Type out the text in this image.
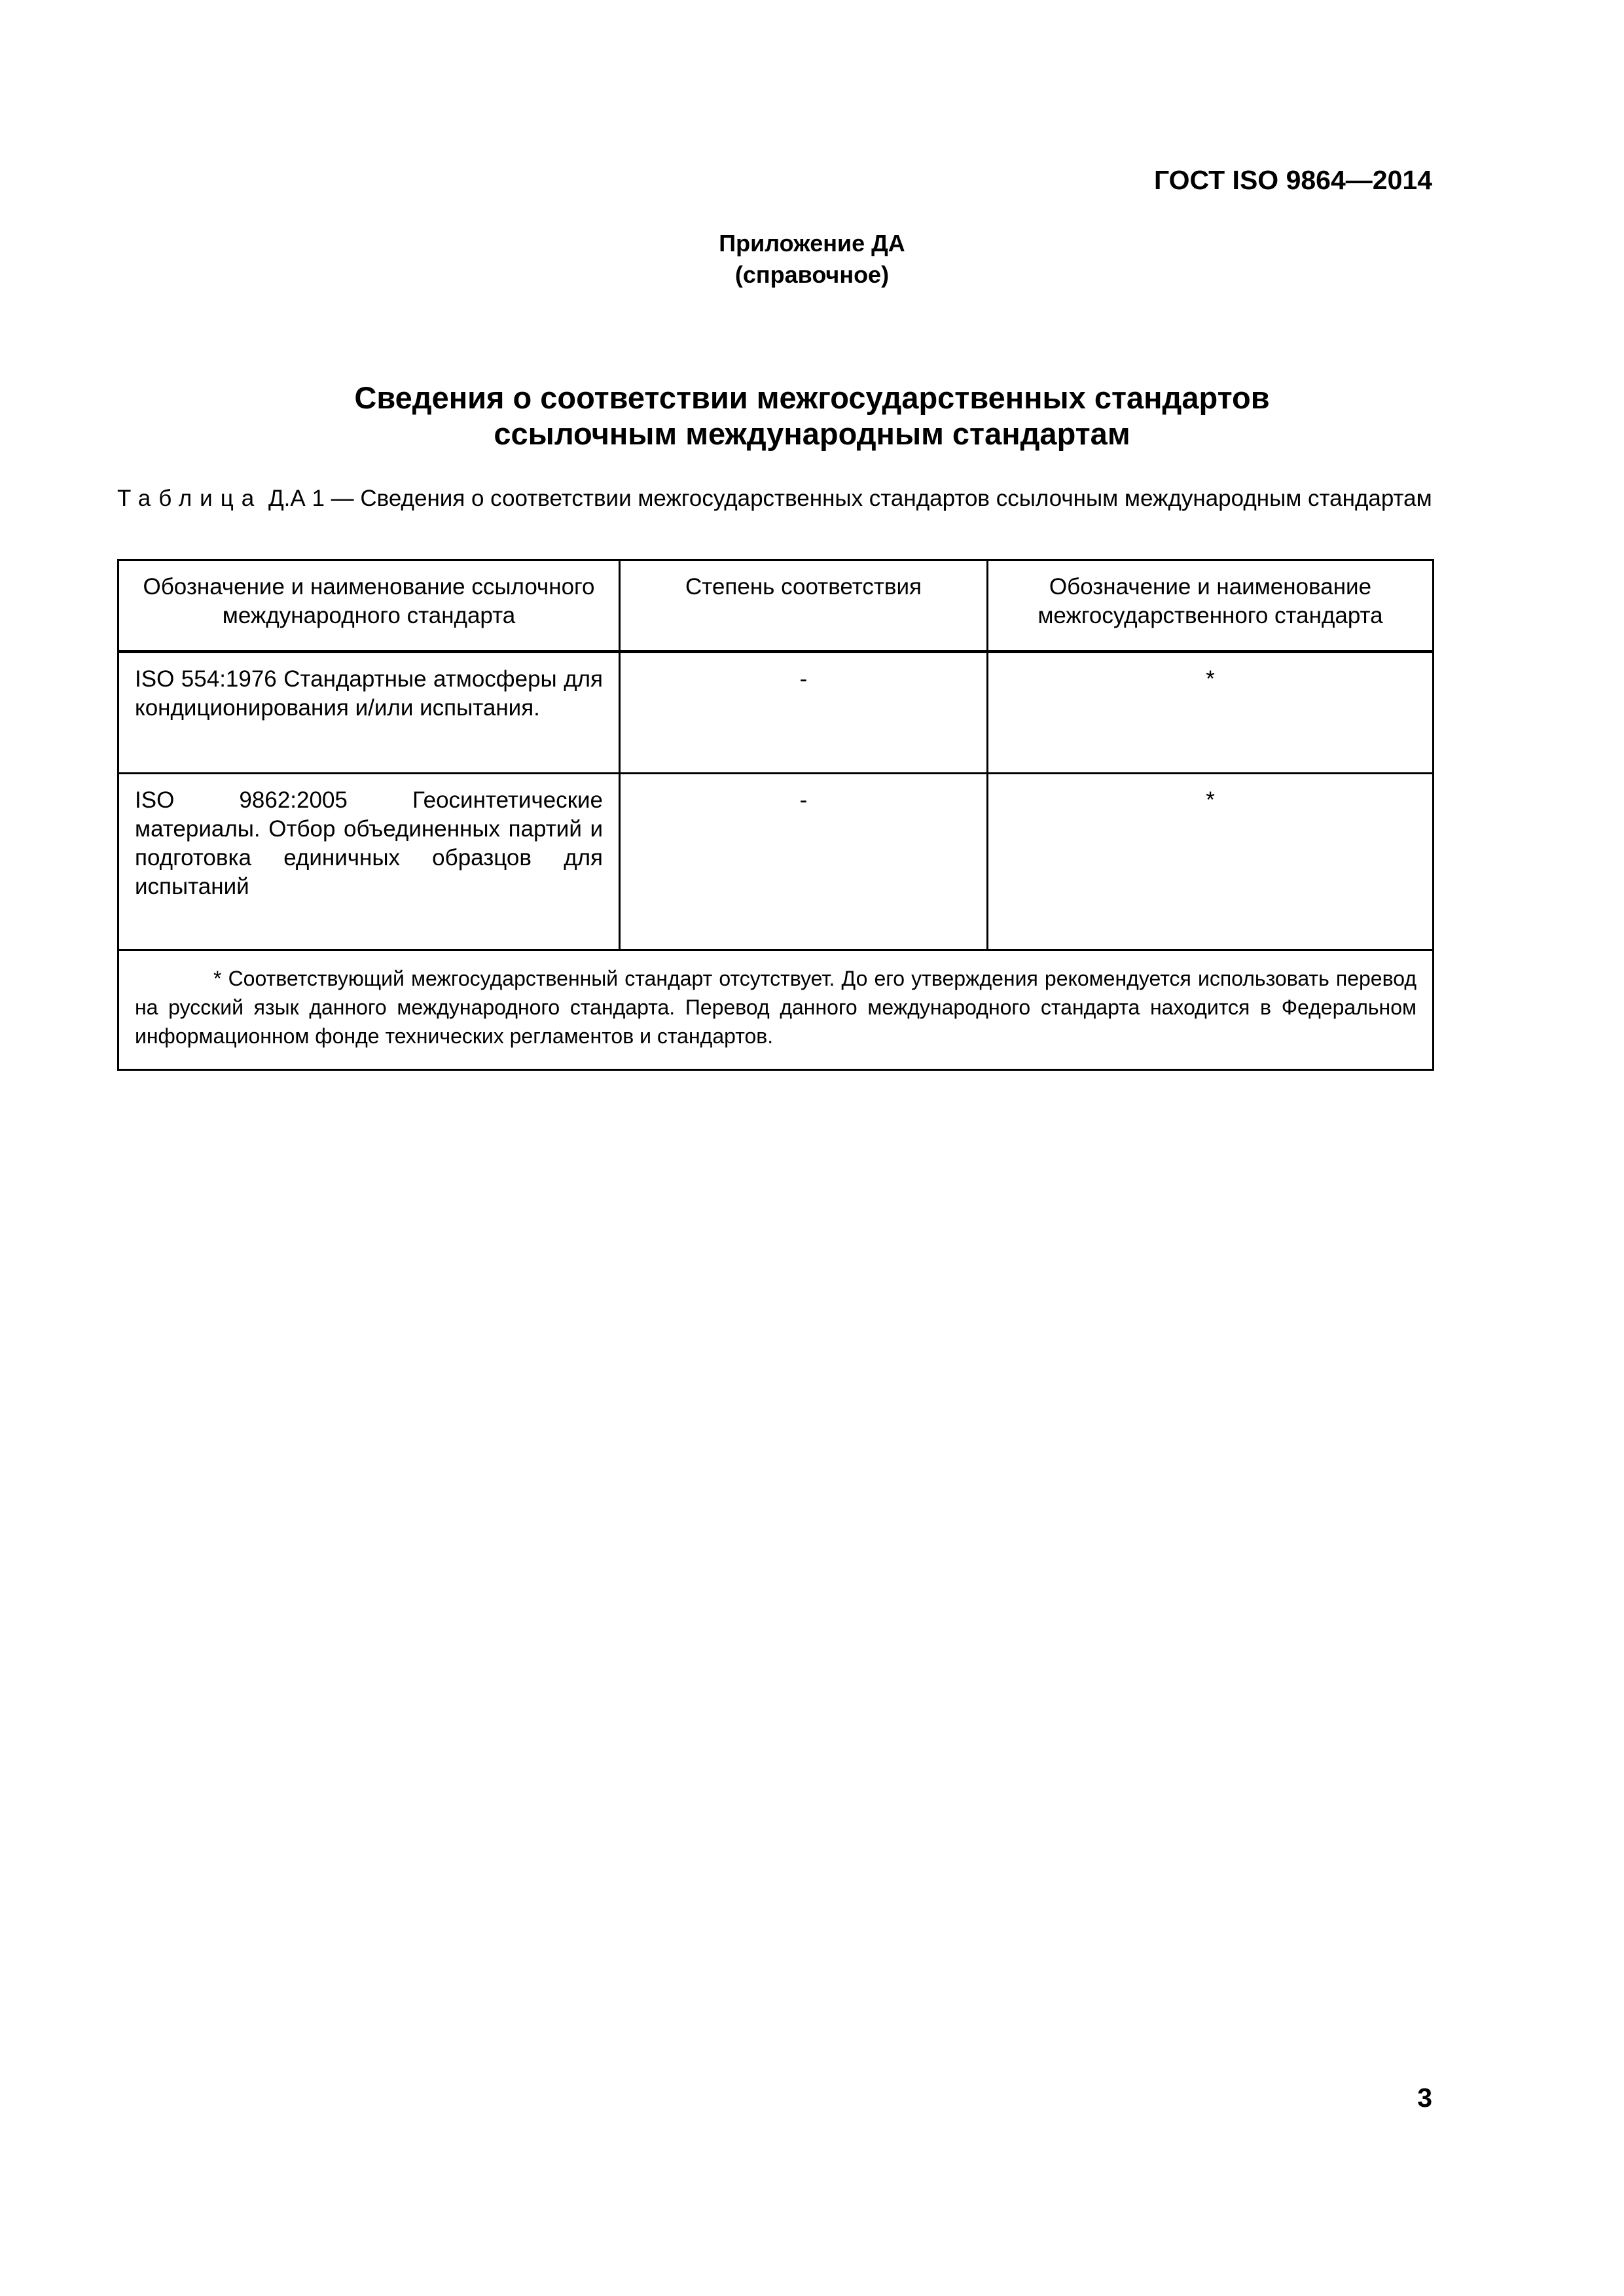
ГОСТ ISO 9864—2014
Приложение ДА
(справочное)
Сведения о соответствии межгосударственных стандартов
ссылочным международным стандартам
Таблица Д.А 1 — Сведения о соответствии межгосударственных стандартов ссылочным международным стандартам
Обозначение и наименование ссылочного международного стандарта	Степень соответствия	Обозначение и наименование межгосударственного стандарта
ISO 554:1976 Стандартные атмосферы для кондиционирования и/или испытания.	-	*
ISO 9862:2005 Геосинтетические материалы. Отбор объединенных партий и подготовка единичных образцов для испытаний	-	*
* Соответствующий межгосударственный стандарт отсутствует. До его утверждения рекомендуется использовать перевод на русский язык данного международного стандарта. Перевод данного международного стандарта находится в Федеральном информационном фонде технических регламентов и стандартов.		
3
